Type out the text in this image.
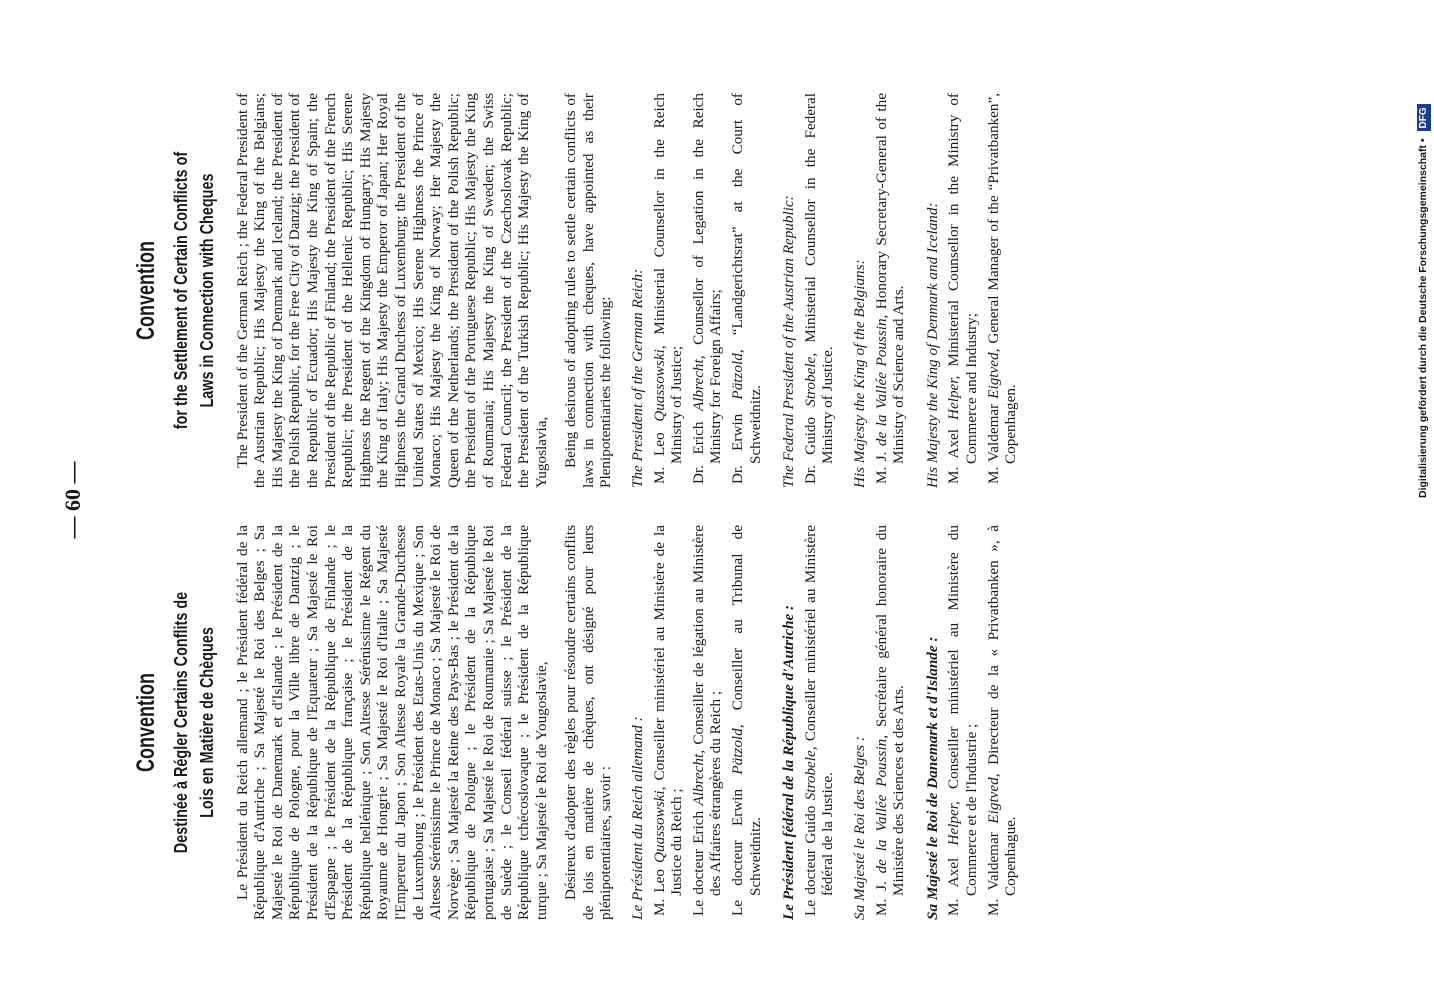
— 60 —
Convention Destinée à Régler Certains Conflits de Lois en Matière de Chèques Le Président du Reich allemand ; le Président fédéral de la République d'Autriche ; Sa Majesté le Roi des Belges ; Sa Majesté le Roi de Danemark et d'Islande ; le Président de la République de Pologne, pour la Ville libre de Dantzig ; le Président de la République de l'Equateur ; Sa Majesté le Roi d'Espagne ; le Président de la République de Finlande ; le Président de la République française ; le Président de la République hellénique ; Son Altesse Sérénissime le Régent du Royaume de Hongrie ; Sa Majesté le Roi d'Italie ; Sa Majesté l'Empereur du Japon ; Son Altesse Royale la Grande-Duchesse de Luxembourg ; le Président des Etats-Unis du Mexique ; Son Altesse Sérénissime le Prince de Monaco ; Sa Majesté le Roi de Norvège ; Sa Majesté la Reine des Pays-Bas ; le Président de la République de Pologne ; le Président de la République portugaise ; Sa Majesté le Roi de Roumanie ; Sa Majesté le Roi de Suède ; le Conseil fédéral suisse ; le Président de la République tchécoslovaque ; le Président de la République turque ; Sa Majesté le Roi de Yougoslavie, Désireux d'adopter des règles pour résoudre certains conflits de lois en matière de chèques, ont désigné pour leurs plénipotentiaires, savoir : Le Président du Reich allemand : M. Leo Quassowski, Conseiller ministériel au Ministère de la Justice du Reich ; Le docteur Erich Albrecht, Conseiller de légation au Ministère des Affaires étrangères du Reich ; Le docteur Erwin Pätzold, Conseiller au Tribunal de Schweidnitz. Le Président fédéral de la République d'Autriche : Le docteur Guido Strobele, Conseiller ministériel au Ministère fédéral de la Justice. Sa Majesté le Roi des Belges : M. J. de la Vallée Poussin, Secrétaire général honoraire du Ministère des Sciences et des Arts. Sa Majesté le Roi de Danemark et d'Islande : M. Axel Helper, Conseiller ministériel au Ministère du Commerce et de l'Industrie ; M. Valdemar Eigtved, Directeur de la « Privatbanken », à Copenhague.
Convention for the Settlement of Certain Conflicts of Laws in Connection with Cheques The President of the German Reich ; the Federal President of the Austrian Republic; His Majesty the King of the Belgians; His Majesty the King of Denmark and Iceland; the President of the Polish Republic, for the Free City of Danzig; the President of the Republic of Ecuador; His Majesty the King of Spain; the President of the Republic of Finland; the President of the French Republic; the President of the Hellenic Republic; His Serene Highness the Regent of the Kingdom of Hungary; His Majesty the King of Italy; His Majesty the Emperor of Japan; Her Royal Highness the Grand Duchess of Luxemburg; the President of the United States of Mexico; His Serene Highness the Prince of Monaco; His Majesty the King of Norway; Her Majesty the Queen of the Netherlands; the President of the Polish Republic; the President of the Portuguese Republic; His Majesty the King of Roumania; His Majesty the King of Sweden; the Swiss Federal Council; the President of the Czechoslovak Republic; the President of the Turkish Republic; His Majesty the King of Yugoslavia, Being desirous of adopting rules to settle certain conflicts of laws in connection with cheques, have appointed as their Plenipotentiaries the following: The President of the German Reich: M. Leo Quassowski, Ministerial Counsellor in the Reich Ministry of Justice; Dr. Erich Albrecht, Counsellor of Legation in the Reich Ministry for Foreign Affairs; Dr. Erwin Pätzold, “Landgerichtsrat” at the Court of Schweidnitz. The Federal President of the Austrian Republic: Dr. Guido Strobele, Ministerial Counsellor in the Federal Ministry of Justice. His Majesty the King of the Belgians: M. J. de la Vallée Poussin, Honorary Secretary-General of the Ministry of Science and Arts. His Majesty the King of Denmark and Iceland: M. Axel Helper, Ministerial Counsellor in the Ministry of Commerce and Industry; M. Valdemar Eigtved, General Manager of the “Privatbanken”, Copenhagen.	Digitalisierung gefördert durch die Deutsche Forschungsgemeinschaft • DFG
